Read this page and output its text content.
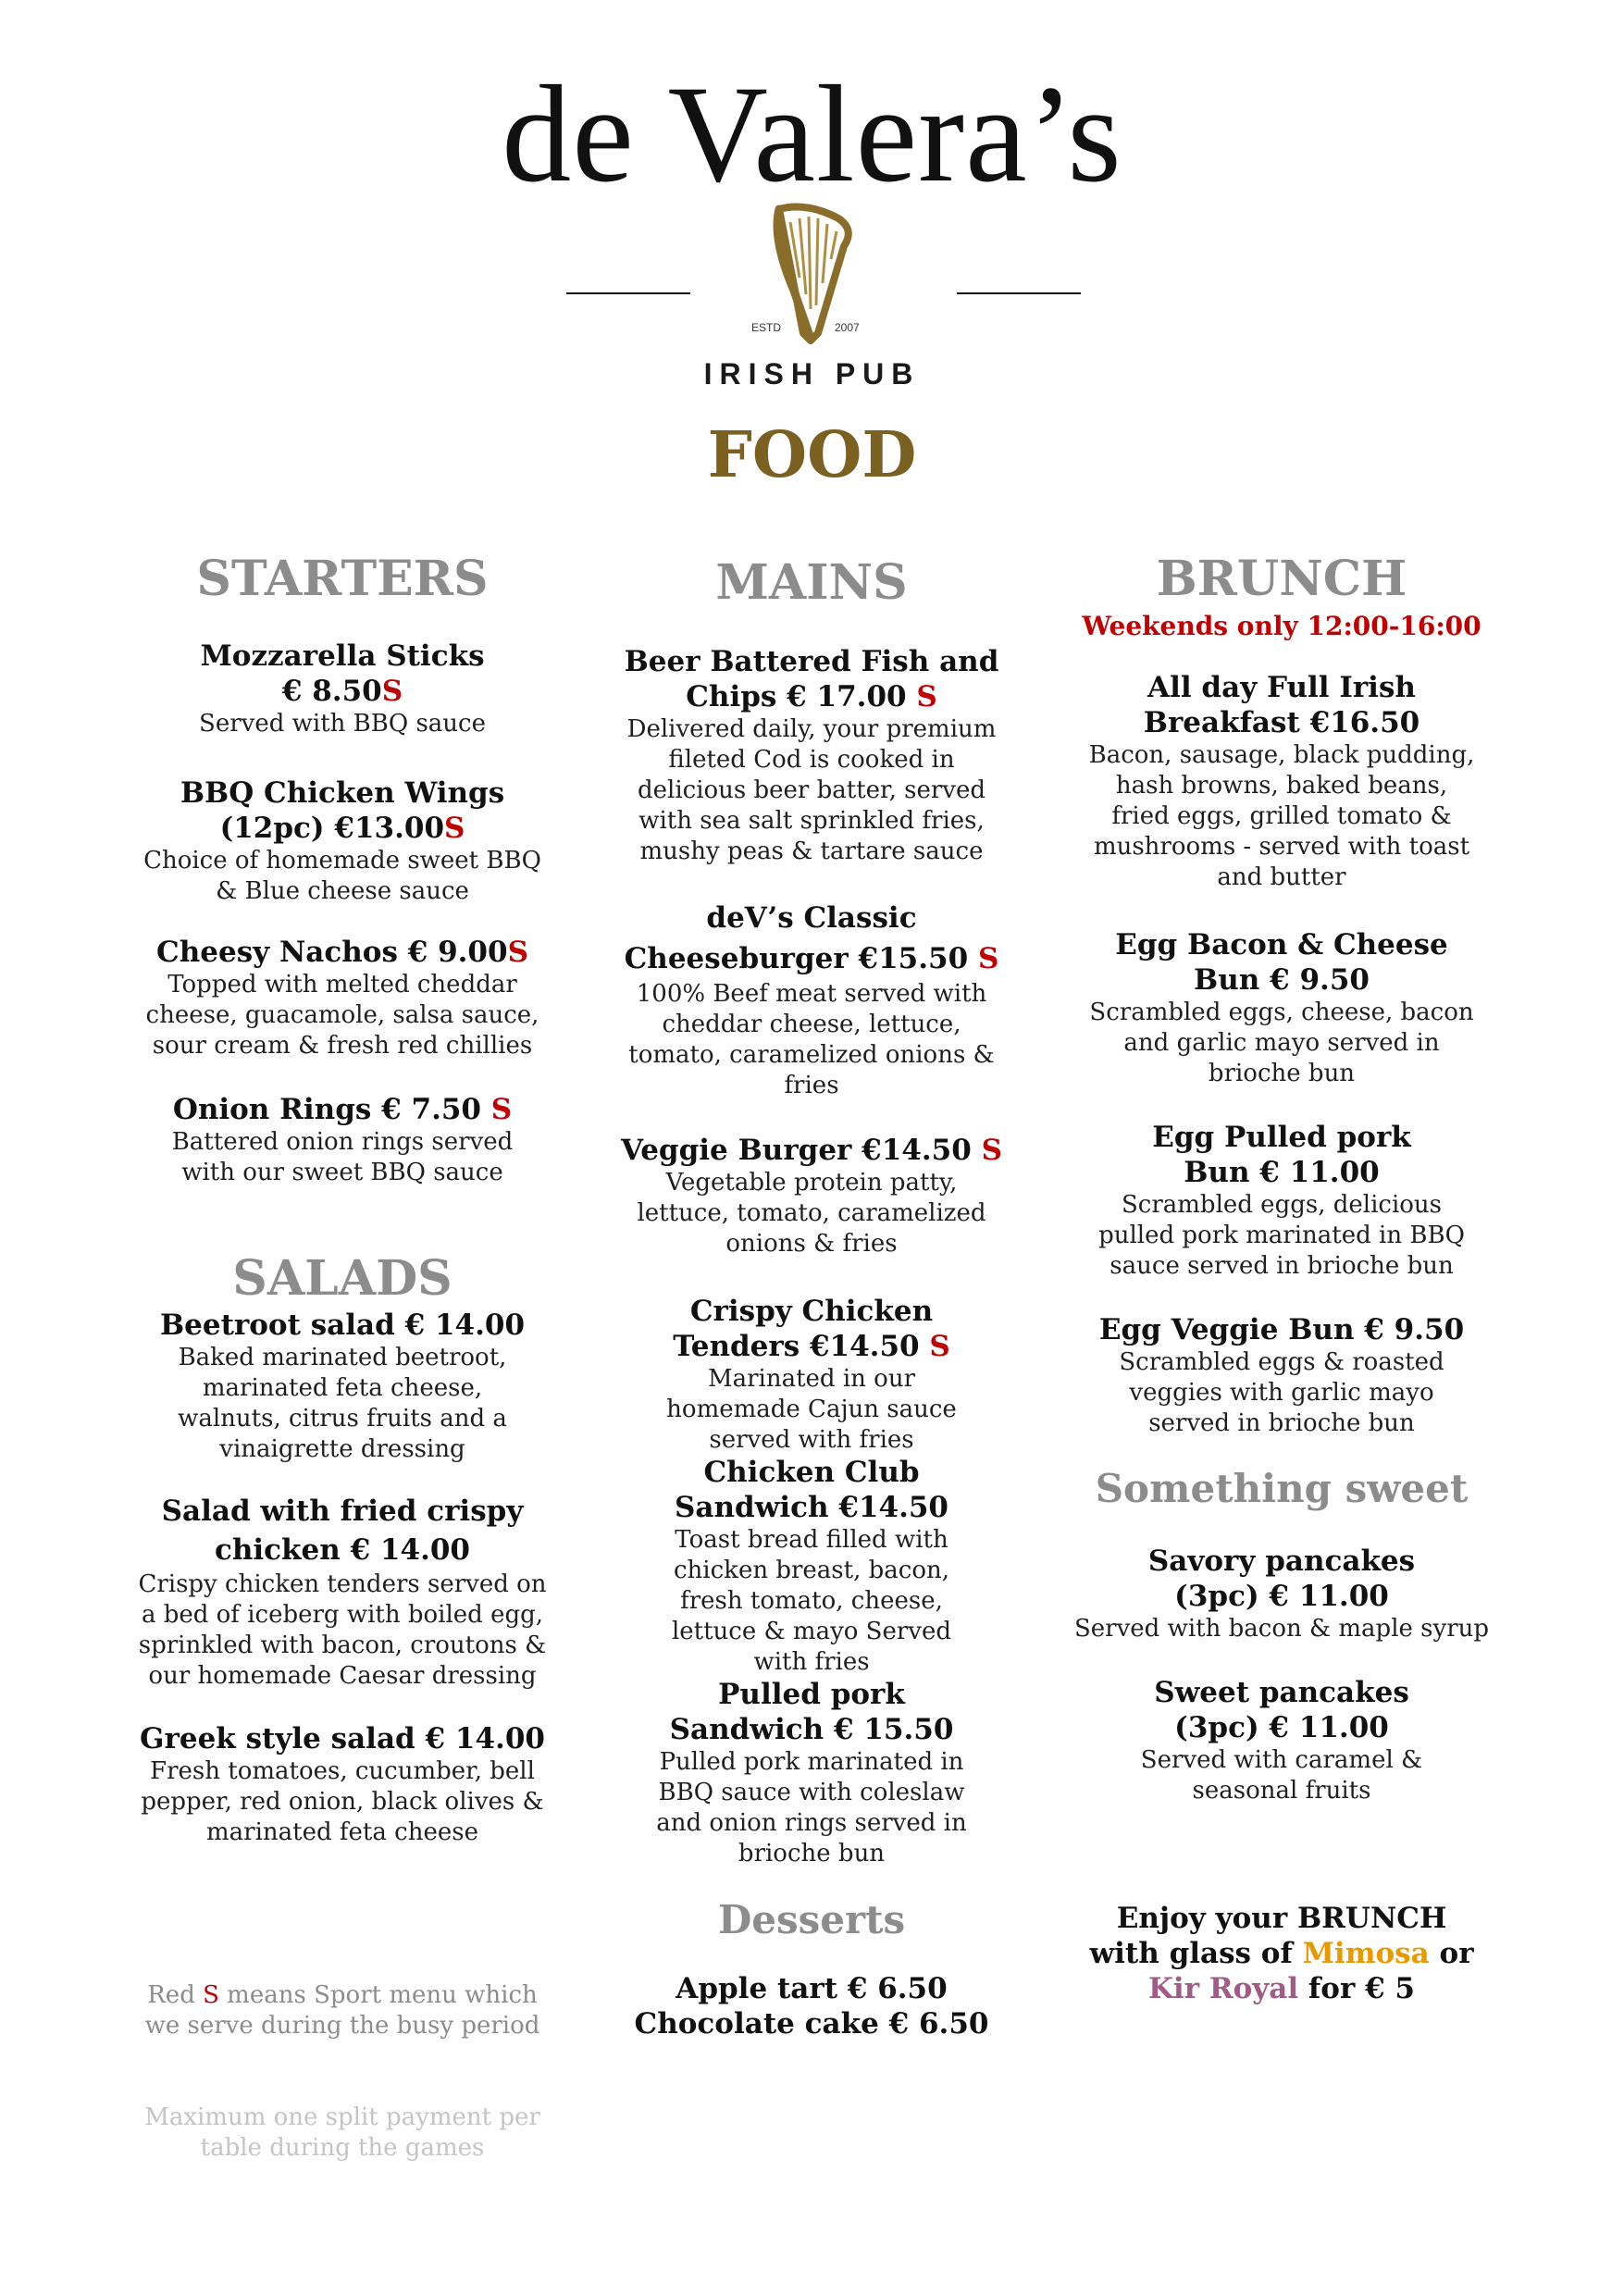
de Valera’s
ESTD	2007
IRISH PUB
FOOD
STARTERS
Mozzarella Sticks
€ 8.50S
Served with BBQ sauce
BBQ Chicken Wings
(12pc) €13.00S
Choice of homemade sweet BBQ & Blue cheese sauce
Cheesy Nachos € 9.00S
Topped with melted cheddar cheese, guacamole, salsa sauce, sour cream & fresh red chillies
Onion Rings € 7.50 S
Battered onion rings served with our sweet BBQ sauce
SALADS
Beetroot salad € 14.00
Baked marinated beetroot, marinated feta cheese, walnuts, citrus fruits and a vinaigrette dressing
Salad with fried crispy chicken € 14.00
Crispy chicken tenders served on a bed of iceberg with boiled egg, sprinkled with bacon, croutons & our homemade Caesar dressing
Greek style salad € 14.00
Fresh tomatoes, cucumber, bell pepper, red onion, black olives & marinated feta cheese
Red S means Sport menu which we serve during the busy period
Maximum one split payment per table during the games
MAINS
Beer Battered Fish and Chips € 17.00 S
Delivered daily, your premium fileted Cod is cooked in delicious beer batter, served with sea salt sprinkled fries, mushy peas & tartare sauce
deV’s Classic Cheeseburger €15.50 S
100% Beef meat served with cheddar cheese, lettuce, tomato, caramelized onions & fries
Veggie Burger €14.50 S
Vegetable protein patty, lettuce, tomato, caramelized onions & fries
Crispy Chicken Tenders €14.50 S
Marinated in our homemade Cajun sauce served with fries
Chicken Club Sandwich €14.50
Toast bread filled with chicken breast, bacon, fresh tomato, cheese, lettuce & mayo Served with fries
Pulled pork Sandwich € 15.50
Pulled pork marinated in BBQ sauce with coleslaw and onion rings served in brioche bun
Desserts
Apple tart € 6.50
Chocolate cake € 6.50
BRUNCH
Weekends only 12:00-16:00
All day Full Irish Breakfast €16.50
Bacon, sausage, black pudding, hash browns, baked beans, fried eggs, grilled tomato & mushrooms - served with toast and butter
Egg Bacon & Cheese Bun € 9.50
Scrambled eggs, cheese, bacon and garlic mayo served in brioche bun
Egg Pulled pork Bun € 11.00
Scrambled eggs, delicious pulled pork marinated in BBQ sauce served in brioche bun
Egg Veggie Bun € 9.50
Scrambled eggs & roasted veggies with garlic mayo served in brioche bun
Something sweet
Savory pancakes (3pc) € 11.00
Served with bacon & maple syrup
Sweet pancakes (3pc) € 11.00
Served with caramel & seasonal fruits
Enjoy your BRUNCH with glass of Mimosa or
Kir Royal for € 5
